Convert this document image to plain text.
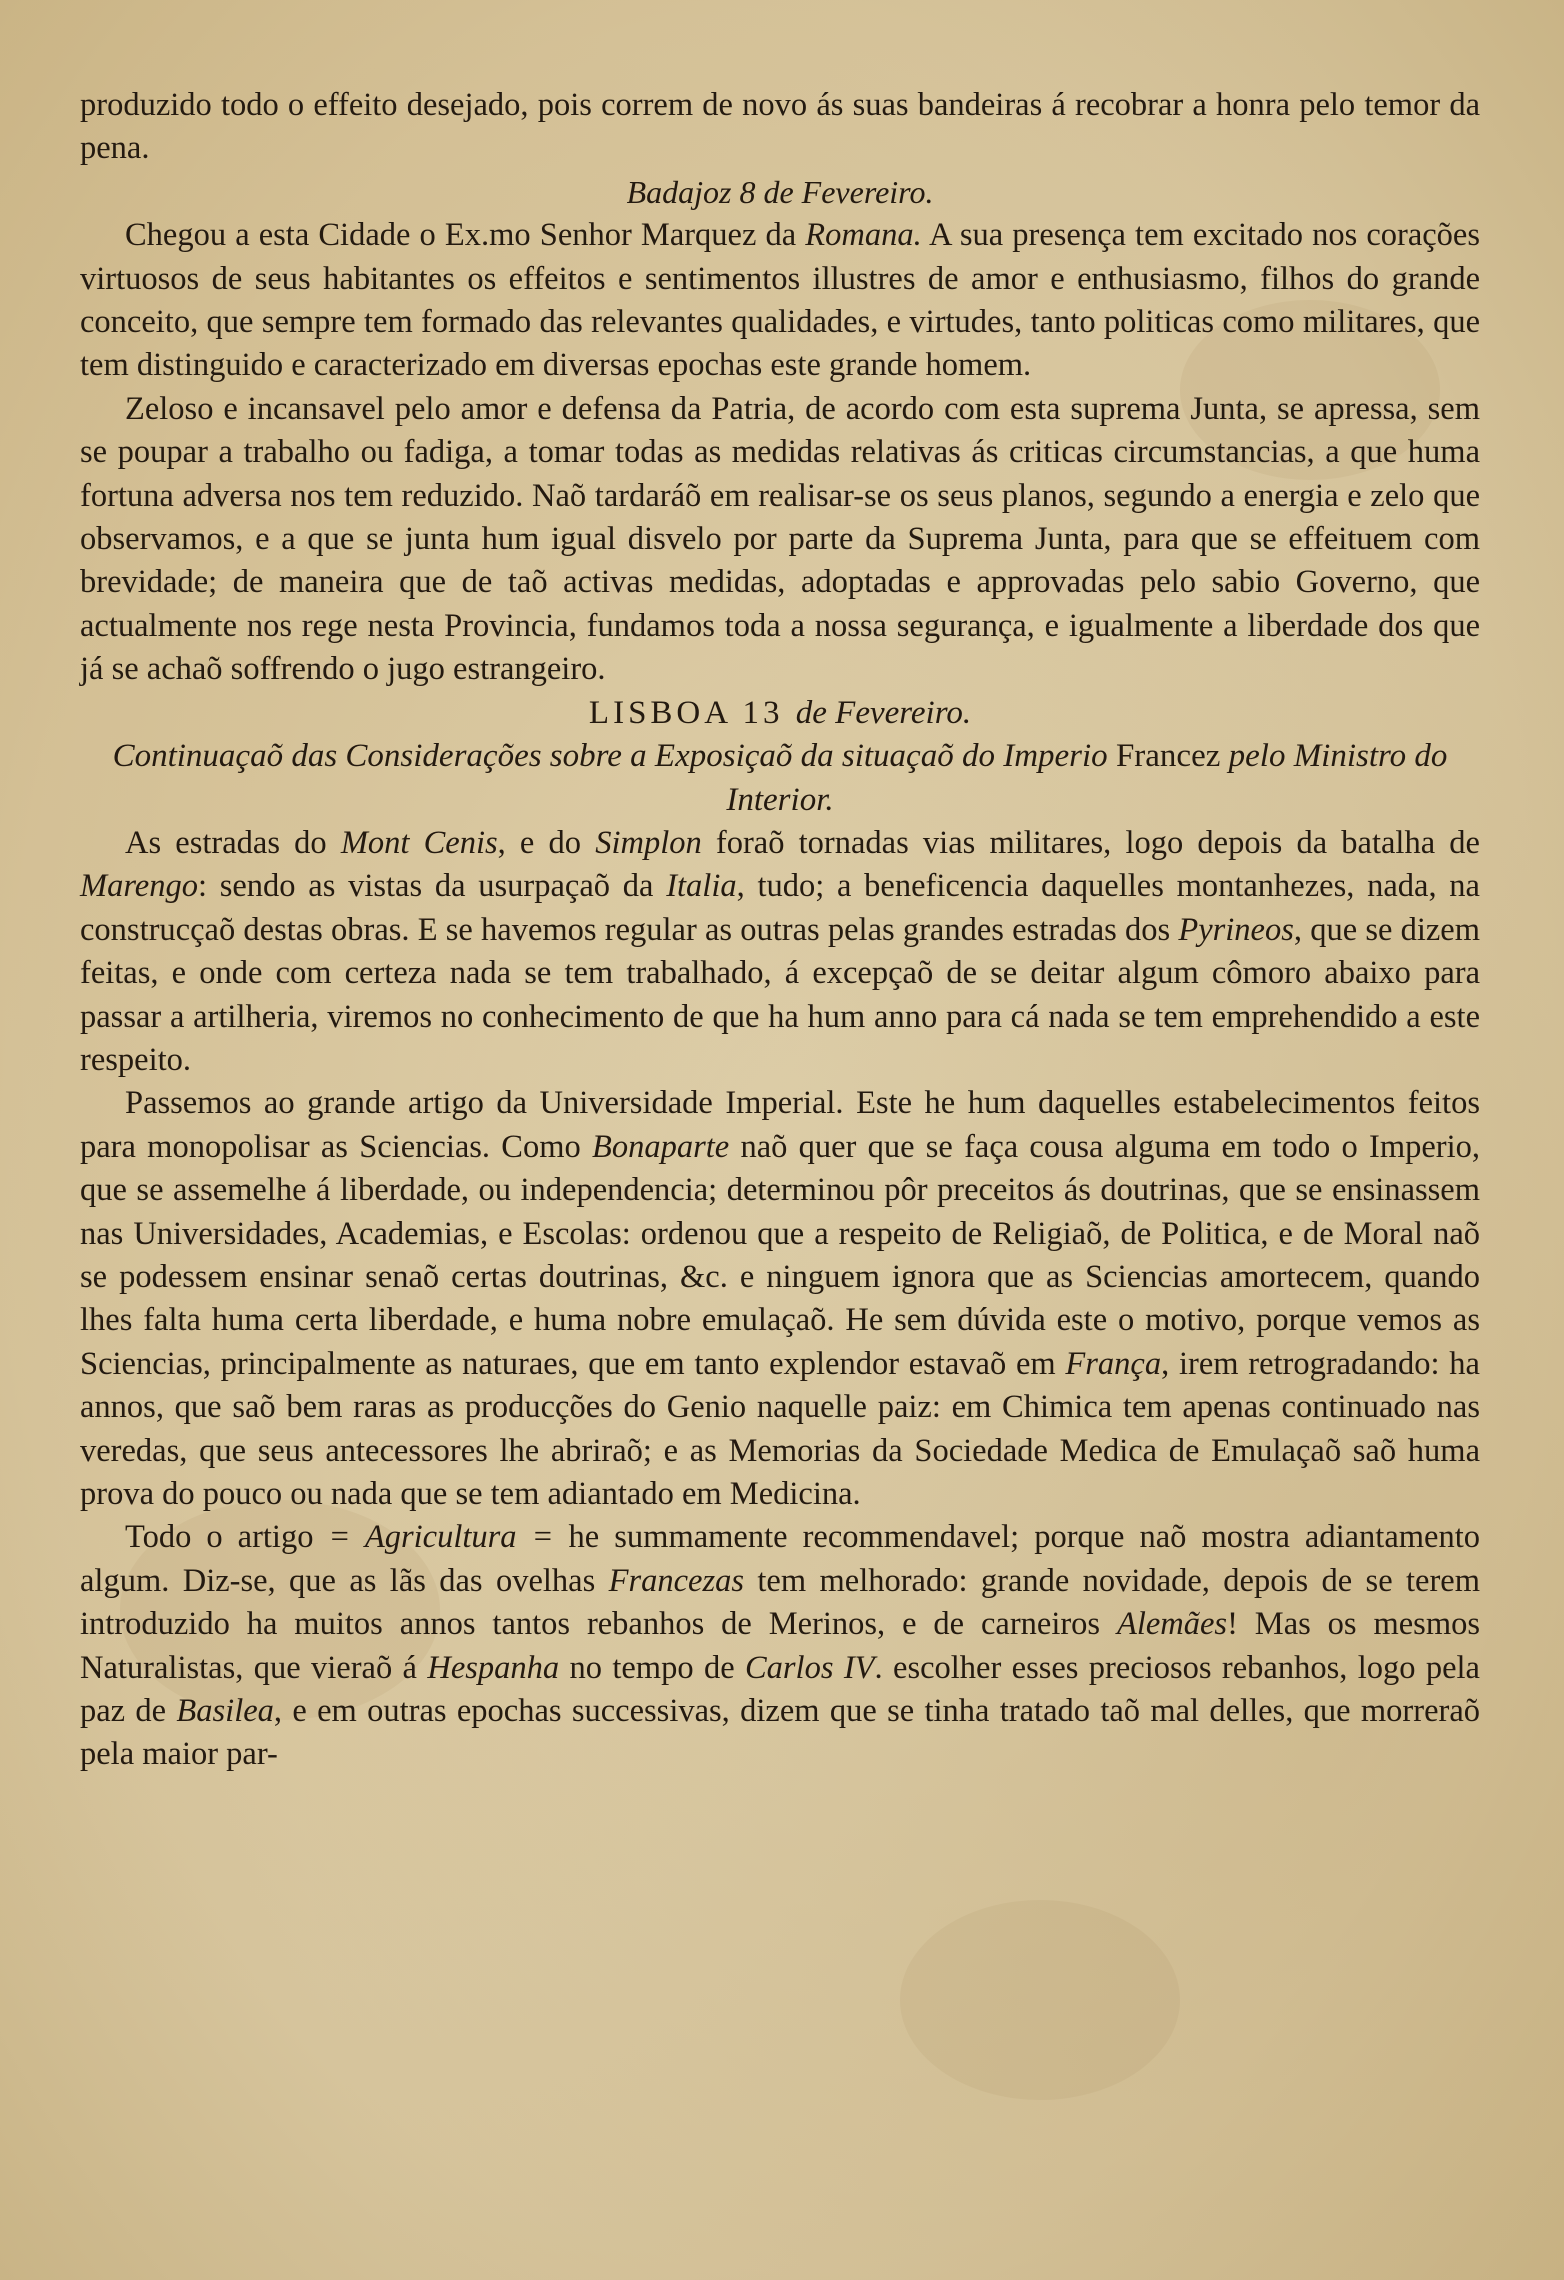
produzido todo o effeito desejado, pois correm de novo ás suas bandeiras á recobrar a honra pelo temor da pena.

Badajoz 8 de Fevereiro.

Chegou a esta Cidade o Ex.mo Senhor Marquez da Romana. A sua presença tem excitado nos corações virtuosos de seus habitantes os effeitos e sentimentos illustres de amor e enthusiasmo, filhos do grande conceito, que sempre tem formado das relevantes qualidades, e virtudes, tanto politicas como militares, que tem distinguido e caracterizado em diversas epochas este grande homem.

Zeloso e incansavel pelo amor e defensa da Patria, de acordo com esta suprema Junta, se apressa, sem se poupar a trabalho ou fadiga, a tomar todas as medidas relativas ás criticas circumstancias, a que huma fortuna adversa nos tem reduzido. Naõ tardaráõ em realisar-se os seus planos, segundo a energia e zelo que observamos, e a que se junta hum igual disvelo por parte da Suprema Junta, para que se effeituem com brevidade; de maneira que de taõ activas medidas, adoptadas e approvadas pelo sabio Governo, que actualmente nos rege nesta Provincia, fundamos toda a nossa segurança, e igualmente a liberdade dos que já se achaõ soffrendo o jugo estrangeiro.

LISBOA 13 de Fevereiro.
Continuaçaõ das Considerações sobre a Exposiçaõ da situaçaõ do Imperio Francez pelo Ministro do Interior.

As estradas do Mont Cenis, e do Simplon foraõ tornadas vias militares, logo depois da batalha de Marengo: sendo as vistas da usurpaçaõ da Italia, tudo; a beneficencia daquelles montanhezes, nada, na construcçaõ destas obras. E se havemos regular as outras pelas grandes estradas dos Pyrineos, que se dizem feitas, e onde com certeza nada se tem trabalhado, á excepçaõ de se deitar algum cômoro abaixo para passar a artilheria, viremos no conhecimento de que ha hum anno para cá nada se tem emprehendido a este respeito.

Passemos ao grande artigo da Universidade Imperial. Este he hum daquelles estabelecimentos feitos para monopolisar as Sciencias. Como Bonaparte naõ quer que se faça cousa alguma em todo o Imperio, que se assemelhe á liberdade, ou independencia; determinou pôr preceitos ás doutrinas, que se ensinassem nas Universidades, Academias, e Escolas: ordenou que a respeito de Religiaõ, de Politica, e de Moral naõ se podessem ensinar senaõ certas doutrinas, &c. e ninguem ignora que as Sciencias amortecem, quando lhes falta huma certa liberdade, e huma nobre emulaçaõ. He sem dúvida este o motivo, porque vemos as Sciencias, principalmente as naturaes, que em tanto explendor estavaõ em França, irem retrogradando: ha annos, que saõ bem raras as producções do Genio naquelle paiz: em Chimica tem apenas continuado nas veredas, que seus antecessores lhe abriraõ; e as Memorias da Sociedade Medica de Emulaçaõ saõ huma prova do pouco ou nada que se tem adiantado em Medicina.

Todo o artigo = Agricultura = he summamente recommendavel; porque naõ mostra adiantamento algum. Diz-se, que as lãs das ovelhas Francezas tem melhorado: grande novidade, depois de se terem introduzido ha muitos annos tantos rebanhos de Merinos, e de carneiros Alemães! Mas os mesmos Naturalistas, que vieraõ á Hespanha no tempo de Carlos IV. escolher esses preciosos rebanhos, logo pela paz de Basilea, e em outras epochas successivas, dizem que se tinha tratado taõ mal delles, que morreraõ pela maior par-
